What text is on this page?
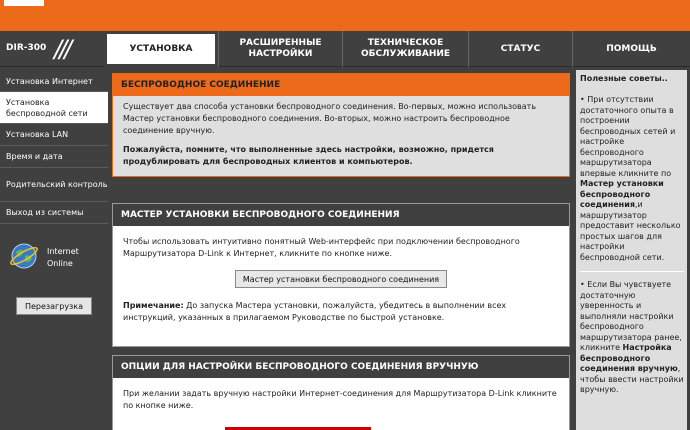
DIR-300 ///	УСТАНОВКА
РАСШИРЕННЫЕ НАСТРОЙКИ
ТЕХНИЧЕСКОЕ ОБСЛУЖИВАНИЕ
СТАТУС	ПОМОЩЬ
Установка Интернет
Установка беспроводной сети
Установка LAN
Время и дата
Родительский контроль
Выход из системы
Internet
Online
Перезагрузка
БЕСПРОВОДНОЕ СОЕДИНЕНИЕ

Существует два способа установки беспроводного соединения. Во-первых, можно использовать Мастер установки беспроводного соединения. Во-вторых, можно настроить беспроводное соединение вручную.

Пожалуйста, помните, что выполненные здесь настройки, возможно, придется продублировать для беспроводных клиентов и компьютеров.

МАСТЕР УСТАНОВКИ БЕСПРОВОДНОГО СОЕДИНЕНИЯ

Чтобы использовать интуитивно понятный Web-интерфейс при подключении беспроводного Маршрутизатора D-Link к Интернет, кликните по кнопке ниже.

Мастер установки беспроводного соединения

Примечание: До запуска Мастера установки, пожалуйста, убедитесь в выполнении всех инструкций, указанных в прилагаемом Руководстве по быстрой установке.

ОПЦИИ ДЛЯ НАСТРОЙКИ БЕСПРОВОДНОГО СОЕДИНЕНИЯ ВРУЧНУЮ

При желании задать вручную настройки Интернет-соединения для Маршрутизатора D-Link кликните по кнопке ниже.

Полезные советы..

• При отсутствии достаточного опыта в построении беспроводных сетей и настройке беспроводного маршрутизатора впервые кликните по Мастер установки беспроводного соединения,и маршрутизатор предоставит несколько простых шагов для настройки беспроводной сети.

• Если Вы чувствуете достаточную уверенность и выполняли настройки беспроводного маршрутизатора ранее, кликните Настройка беспроводного соединения вручную, чтобы ввести настройки вручную.
